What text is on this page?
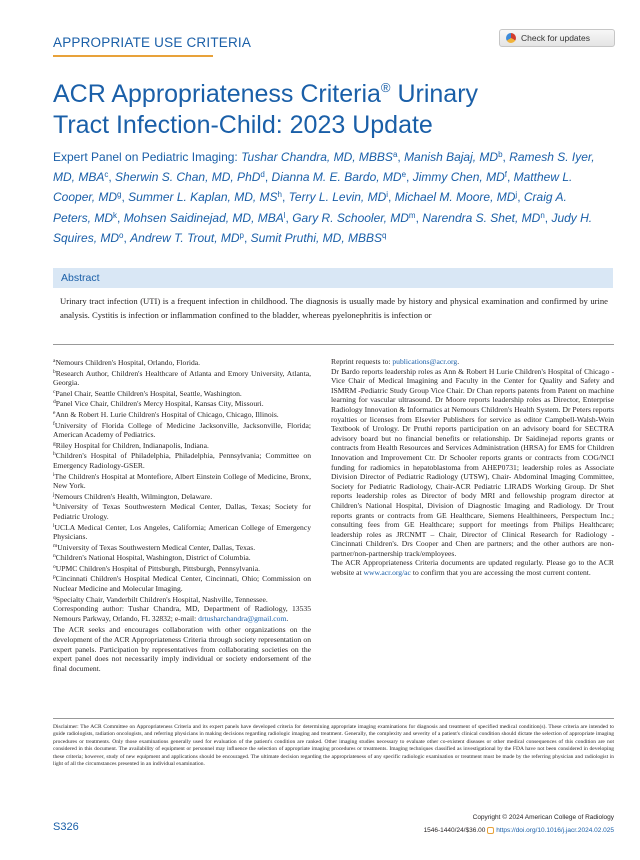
APPROPRIATE USE CRITERIA	Check for updates
ACR Appropriateness Criteria® Urinary
Tract Infection-Child: 2023 Update
Expert Panel on Pediatric Imaging: Tushar Chandra, MD, MBBS$^a$, Manish Bajaj, $MD^b$, Ramesh S. Iyer, MD, MBA$^c$, Sherwin S. Chan, MD, PhD$^d$, Dianna M. E. Bardo, MDe, Jimmy Chen, $MD^f$, Matthew L. Cooper, $MD^g$, Summer L. Kaplan, MD, $MS^h$, Terry L. Levin, $MD^i$, Michael M. Moore, $MD^j$, Craig A. Peters, $MD^k$, Mohsen Saidinejad, MD, MBA$^l$, Gary R. Schooler, $MD^m$, Narendra S. Shet, $MD^n$, Judy H. Squires, $MD^o$, Andrew T. Trout, $MD^p$, Sumit Pruthi, MD, MBBS$^q$
Abstract
Urinary tract infection (UTI) is a frequent infection in childhood. The diagnosis is usually made by history and physical examination and confirmed by urine analysis. Cystitis is infection or inflammation confined to the bladder, whereas pyelonephritis is infection or

$^a$Nemours Children's Hospital, Orlando, Florida.

$^b$Research Author, Children's Healthcare of Atlanta and Emory University, Atlanta, Georgia.

$^c$Panel Chair, Seattle Children's Hospital, Seattle, Washington.

$^d$Panel Vice Chair, Children's Mercy Hospital, Kansas City, Missouri.

$^e$Ann & Robert H. Lurie Children's Hospital of Chicago, Chicago, Illinois.

$^f$University of Florida College of Medicine Jacksonville, Jacksonville, Florida; American Academy of Pediatrics.

$^g$Riley Hospital for Children, Indianapolis, Indiana.

$^h$Children's Hospital of Philadelphia, Philadelphia, Pennsylvania; Committee on Emergency Radiology-GSER.

$^i$The Children's Hospital at Montefiore, Albert Einstein College of Medicine, Bronx, New York.

$^j$Nemours Children's Health, Wilmington, Delaware.

$^k$University of Texas Southwestern Medical Center, Dallas, Texas; Society for Pediatric Urology.

$^l$UCLA Medical Center, Los Angeles, California; American College of Emergency Physicians.

$^m$University of Texas Southwestern Medical Center, Dallas, Texas.

$^n$Children's National Hospital, Washington, District of Columbia.

$^o$UPMC Children's Hospital of Pittsburgh, Pittsburgh, Pennsylvania.

$^p$Cincinnati Children's Hospital Medical Center, Cincinnati, Ohio; Commission on Nuclear Medicine and Molecular Imaging.

$^q$Specialty Chair, Vanderbilt Children's Hospital, Nashville, Tennessee.

Corresponding author: Tushar Chandra, MD, Department of Radiology, 13535 Nemours Parkway, Orlando, FL 32832; e-mail: drtusharchandra@gmail.com.

The ACR seeks and encourages collaboration with other organizations on the development of the ACR Appropriateness Criteria through society representation on expert panels. Participation by representatives from collaborating societies on the expert panel does not necessarily imply individual or society endorsement of the final document.

Reprint requests to: publications@acr.org.

Dr Bardo reports leadership roles as Ann & Robert H Lurie Children's Hospital of Chicago - Vice Chair of Medical Imagining and Faculty in the Center for Quality and Safety and ISMRM -Pediatric Study Group Vice Chair. Dr Chan reports patents from Patent on machine learning for vascular ultrasound. Dr Moore reports leadership roles as Director, Enterprise Radiology Innovation & Informatics at Nemours Children's Health System. Dr Peters reports royalties or licenses from Elsevier Publishers for service as editor Campbell-Walsh-Wein Textbook of Urology. Dr Pruthi reports participation on an advisory board for SECTRA advisory board but no financial benefits or relationship. Dr Saidinejad reports grants or contracts from Health Resources and Services Administration (HRSA) for EMS for Children Innovation and Improvement Ctr. Dr Schooler reports grants or contracts from COG/NCI funding for radiomics in hepatoblastoma from AHEP0731; leadership roles as Associate Division Director of Pediatric Radiology (UTSW), Chair- Abdominal Imaging Committee, Society for Pediatric Radiology, Chair-ACR Pediatric LIRADS Working Group. Dr Shet reports leadership roles as Director of body MRI and fellowship program director at Children's National Hospital, Division of Diagnostic Imaging and Radiology. Dr Trout reports grants or contracts from GE Healthcare, Siemens Healthineers, Perspectum Inc.; consulting fees from GE Healthcare; support for meetings from Philips Healthcare; leadership roles as JRCNMT – Chair, Director of Clinical Research for Radiology - Cincinnati Children's. Drs Cooper and Chen are partners; and the other authors are non-partner/non-partnership track/employees.

The ACR Appropriateness Criteria documents are updated regularly. Please go to the ACR website at www.acr.org/ac to confirm that you are accessing the most current content.

Disclaimer: The ACR Committee on Appropriateness Criteria and its expert panels have developed criteria for determining appropriate imaging examinations for diagnosis and treatment of specified medical condition(s). These criteria are intended to guide radiologists, radiation oncologists, and referring physicians in making decisions regarding radiologic imaging and treatment. Generally, the complexity and severity of a patient's clinical condition should dictate the selection of appropriate imaging procedures or treatments. Only those examinations generally used for evaluation of the patient's condition are ranked. Other imaging studies necessary to evaluate other co-existent diseases or other medical consequences of this condition are not considered in this document. The availability of equipment or personnel may influence the selection of appropriate imaging procedures or treatments. Imaging techniques classified as investigational by the FDA have not been considered in developing these criteria; however, study of new equipment and applications should be encouraged. The ultimate decision regarding the appropriateness of any specific radiologic examination or treatment must be made by the referring physician and radiologist in light of all the circumstances presented in an individual examination.
S326
Copyright © 2024 American College of Radiology
1546-1440/24/$36.00 https://doi.org/10.1016/j.jacr.2024.02.025
